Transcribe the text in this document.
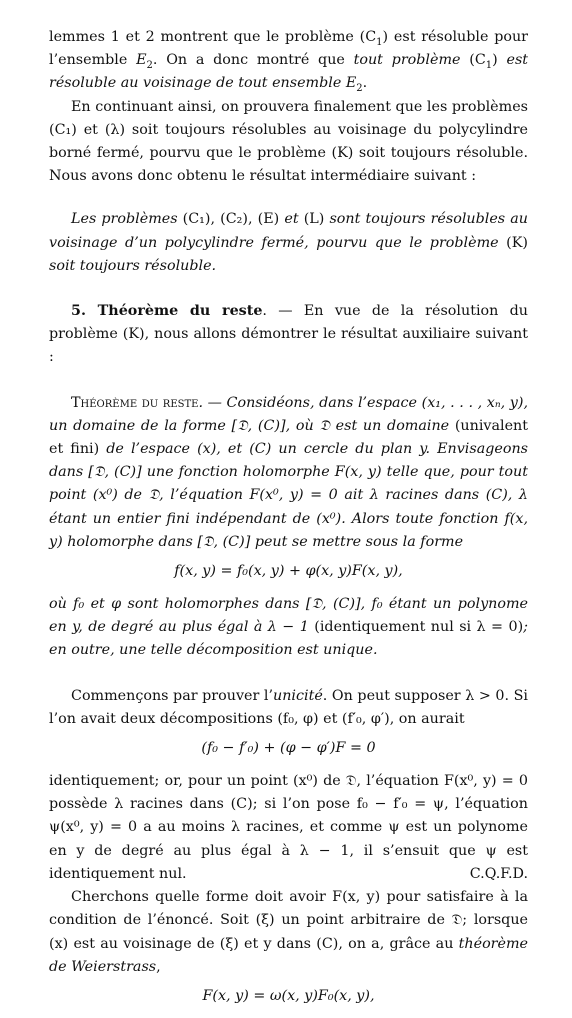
lemmes 1 et 2 montrent que le problème $(C_1)$ est résoluble pour l’ensemble $E_2$. On a donc montré que tout problème $(C_1)$ est résoluble au voisinage de tout ensemble $E_2$.

En continuant ainsi, on prouvera finalement que les problèmes (C₁) et (λ) soit toujours résolubles au voisinage du polycylindre borné fermé, pourvu que le problème (K) soit toujours résoluble. Nous avons donc obtenu le résultat intermédiaire suivant :

Les problèmes (C₁), (C₂), (E) et (L) sont toujours résolubles au voisinage d’un polycylindre fermé, pourvu que le problème (K) soit toujours résoluble.

5. Théorème du reste. — En vue de la résolution du problème (K), nous allons démontrer le résultat auxiliaire suivant :

Théorème du reste. — Considéons, dans l’espace (x₁, . . . , xₙ, y), un domaine de la forme [𝔇, (C)], où 𝔇 est un domaine (univalent et fini) de l’espace (x), et (C) un cercle du plan y. Envisageons dans [𝔇, (C)] une fonction holomorphe F(x, y) telle que, pour tout point (x⁰) de 𝔇, l’équation F(x⁰, y) = 0 ait λ racines dans (C), λ étant un entier fini indépendant de (x⁰). Alors toute fonction f(x, y) holomorphe dans [𝔇, (C)] peut se mettre sous la forme

f(x, y) = f₀(x, y) + φ(x, y)F(x, y),

où f₀ et φ sont holomorphes dans [𝔇, (C)], f₀ étant un polynome en y, de degré au plus égal à λ − 1 (identiquement nul si λ = 0); en outre, une telle décomposition est unique.

Commençons par prouver l’unicité. On peut supposer λ > 0. Si l’on avait deux décompositions (f₀, φ) et (f′₀, φ′), on aurait

(f₀ − f′₀) + (φ − φ′)F = 0

identiquement; or, pour un point (x⁰) de 𝔇, l’équation F(x⁰, y) = 0 possède λ racines dans (C); si l’on pose f₀ − f′₀ = ψ, l’équation ψ(x⁰, y) = 0 a au moins λ racines, et comme ψ est un polynome en y de degré au plus égal à λ − 1, il s’ensuit que ψ est identiquement nul.	C.Q.F.D.

Cherchons quelle forme doit avoir F(x, y) pour satisfaire à la condition de l’énoncé. Soit (ξ) un point arbitraire de 𝔇; lorsque (x) est au voisinage de (ξ) et y dans (C), on a, grâce au théorème de Weierstrass,

F(x, y) = ω(x, y)F₀(x, y),
